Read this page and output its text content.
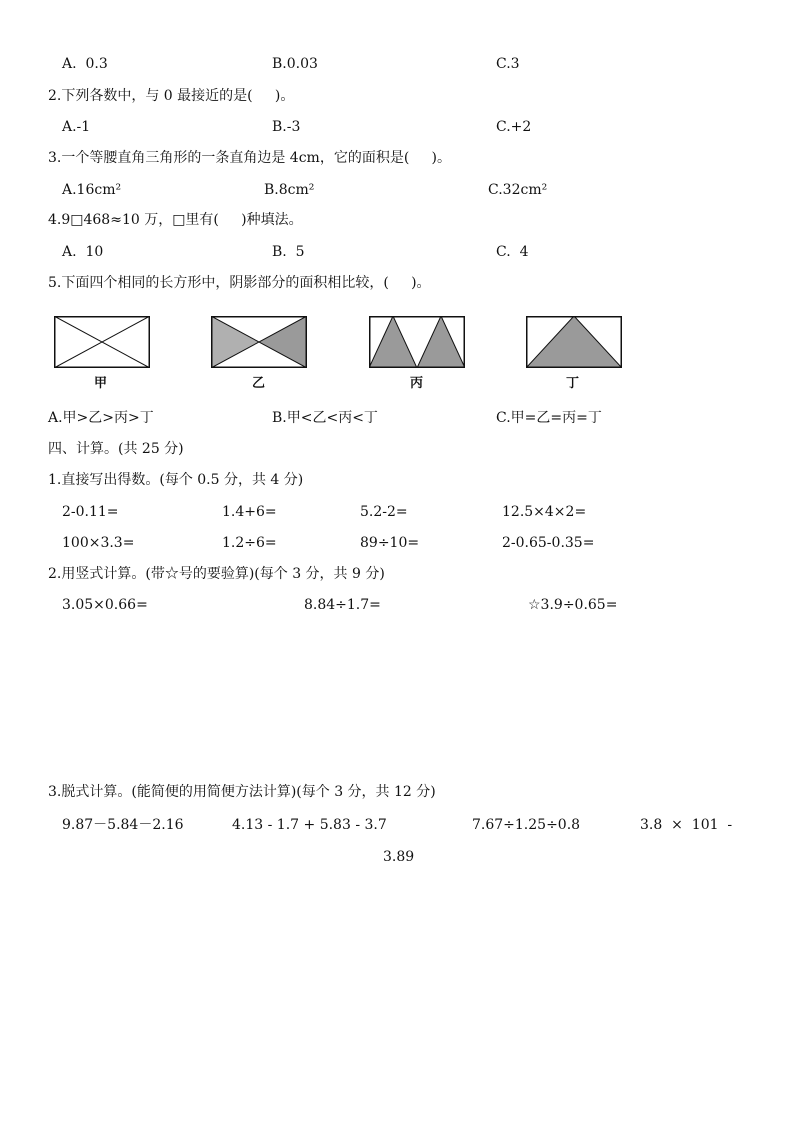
A.  0.3	B.0.03	C.3
2.下列各数中，与 0 最接近的是(     )。
A.-1	B.-3	C.+2
3.一个等腰直角三角形的一条直角边是 4cm，它的面积是(     )。
A.16cm²	B.8cm²	C.32cm²
4.9□468≈10 万，□里有(     )种填法。
A.  10	B.  5	C.  4
5.下面四个相同的长方形中，阴影部分的面积相比较，(     )。
甲	乙	丙	丁
A.甲>乙>丙>丁	B.甲<乙<丙<丁	C.甲=乙=丙=丁
四、计算。(共 25 分)
1.直接写出得数。(每个 0.5 分，共 4 分)
2-0.11=	1.4+6=	5.2-2=	12.5×4×2=
100×3.3=	1.2÷6=	89÷10=	2-0.65-0.35=
2.用竖式计算。(带☆号的要验算)(每个 3 分，共 9 分)
3.05×0.66=	8.84÷1.7=	☆3.9÷0.65=
3.脱式计算。(能简便的用简便方法计算)(每个 3 分，共 12 分)
9.87－5.84－2.16	4.13 - 1.7 + 5.83 - 3.7	7.67÷1.25÷0.8	3.8  ×  101  -
3.89
